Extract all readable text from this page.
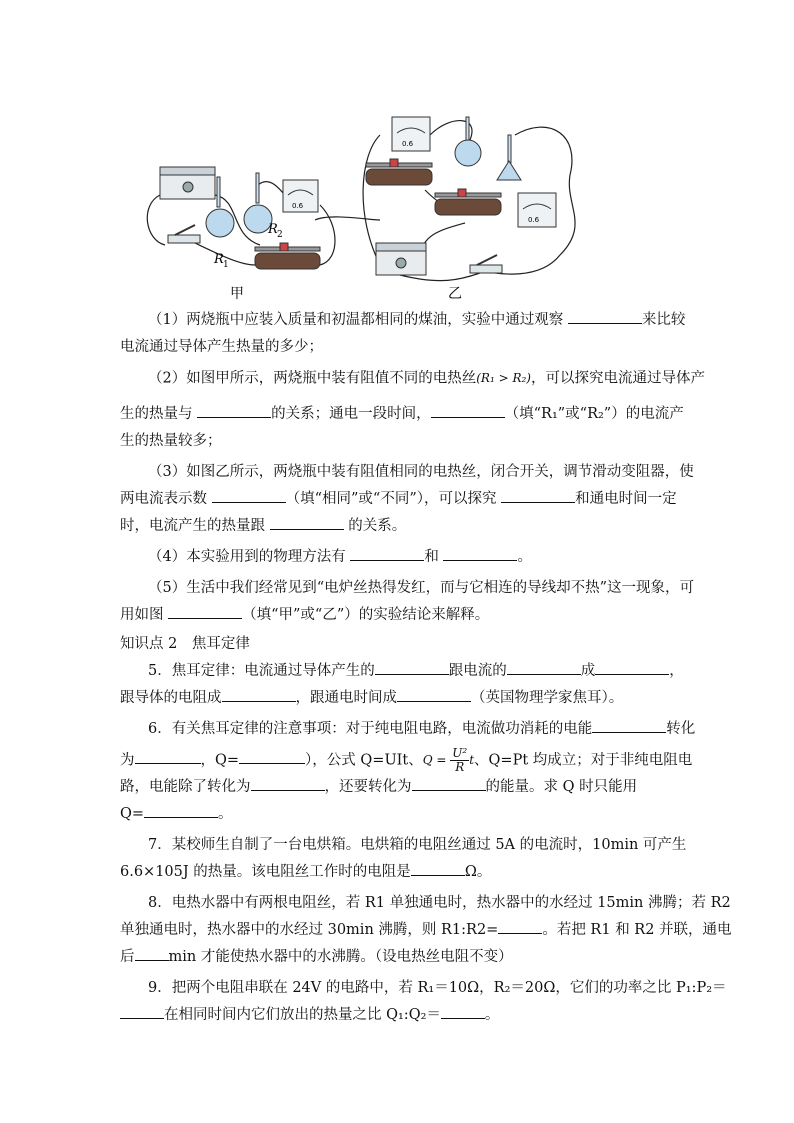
R 1
R 2
0.6
0.6
0.6
甲	乙

（1）两烧瓶中应装入质量和初温都相同的煤油，实验中通过观察	来比较

电流通过导体产生热量的多少；

（2）如图甲所示，两烧瓶中装有阻值不同的电热丝(R₁ > R₂)，可以探究电流通过导体产

生的热量与	的关系；通电一段时间，	（填“R₁”或“R₂”）的电流产

生的热量较多；

（3）如图乙所示，两烧瓶中装有阻值相同的电热丝，闭合开关，调节滑动变阻器，使

两电流表示数	（填“相同”或“不同”），可以探究	和通电时间一定

时，电流产生的热量跟	的关系。

（4）本实验用到的物理方法有	和	。

（5）生活中我们经常见到“电炉丝热得发红，而与它相连的导线却不热”这一现象，可

用如图	（填“甲”或“乙”）的实验结论来解释。

知识点 2　焦耳定律

5．焦耳定律：电流通过导体产生的	跟电流的	成	，

跟导体的电阻成	，跟通电时间成	（英国物理学家焦耳）。

6．有关焦耳定律的注意事项：对于纯电阻电路，电流做功消耗的电能	转化

为	，Q=	），公式 Q=UIt、$Q = \frac{\text{U²}}{R}$ t、Q=Pt 均成立；对于非纯电阻电

路，电能除了转化为	，还要转化为	的能量。求 Q 时只能用

Q=	。

7．某校师生自制了一台电烘箱。电烘箱的电阻丝通过 5A 的电流时，10min 可产生

6.6×105J 的热量。该电阻丝工作时的电阻是	Ω。

8．电热水器中有两根电阻丝，若 R1 单独通电时，热水器中的水经过 15min 沸腾；若 R2

单独通电时，热水器中的水经过 30min 沸腾，则 R1:R2=	。若把 R1 和 R2 并联，通电

后 min 才能使热水器中的水沸腾。（设电热丝电阻不变）

9．把两个电阻串联在 24V 的电路中，若 R₁＝10Ω，R₂＝20Ω，它们的功率之比 P₁:P₂＝

在相同时间内它们放出的热量之比 Q₁:Q₂＝	。
